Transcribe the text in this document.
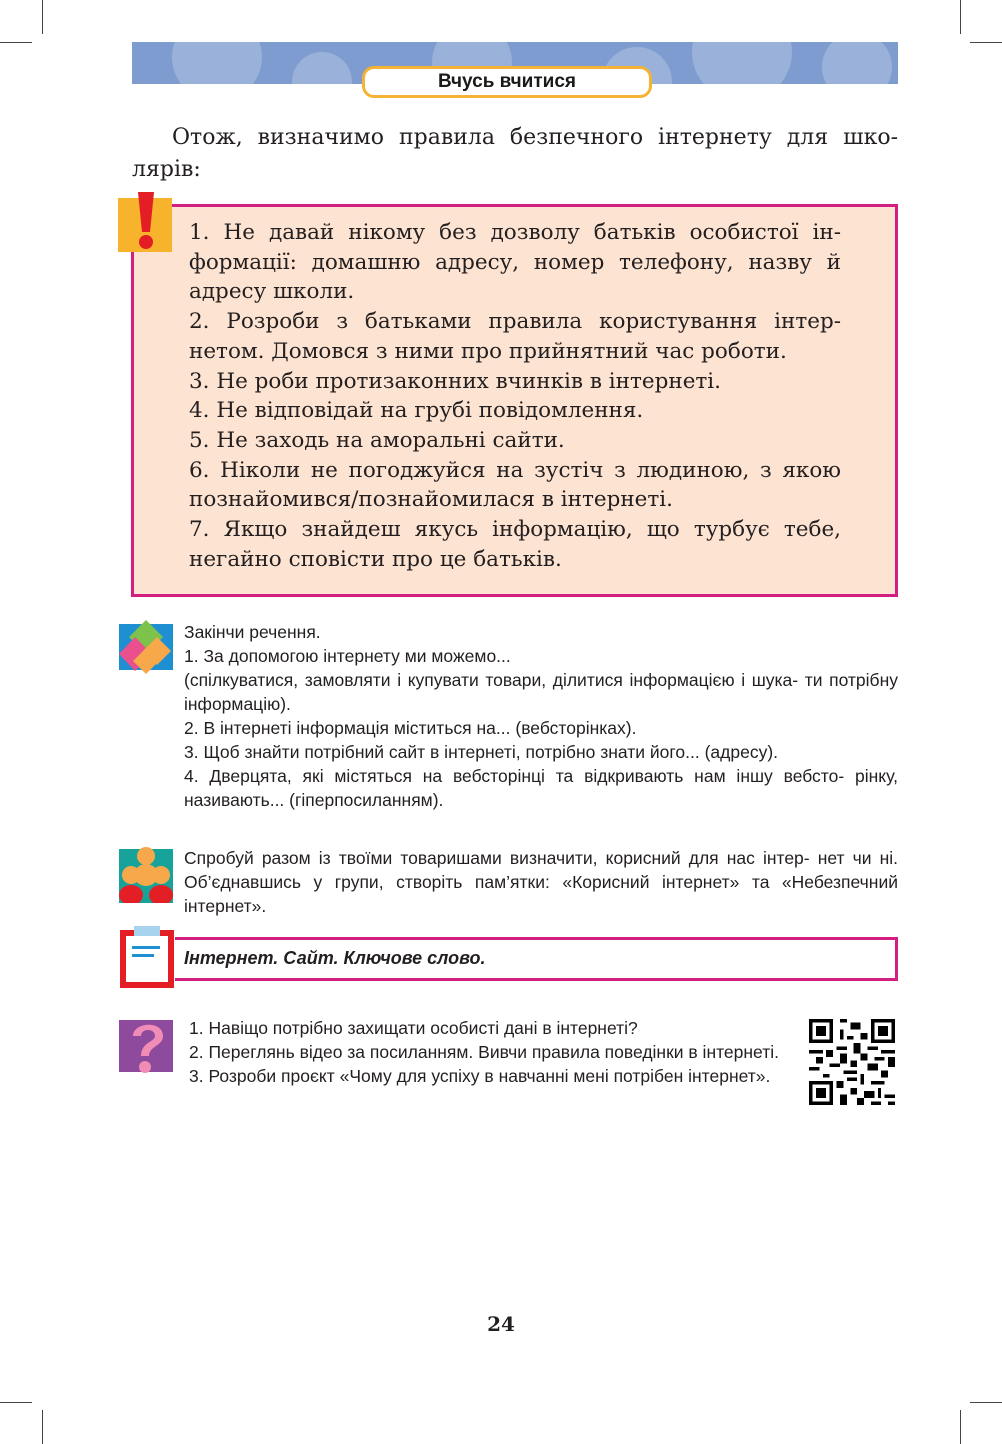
Вчусь вчитися
Отож, визначимо правила безпечного інтернету для шко-
лярів:

1. Не давай нікому без дозволу батьків особистої ін- формації: домашню адресу, номер телефону, назву й адресу школи.

2. Розроби з батьками правила користування інтер- нетом. Домовся з ними про прийнятний час роботи.

3. Не роби протизаконних вчинків в інтернеті.

4. Не відповідай на грубі повідомлення.

5. Не заходь на аморальні сайти.

6. Ніколи не погоджуйся на зустіч з людиною, з якою познайомився/познайомилася в інтернеті.

7. Якщо знайдеш якусь інформацію, що турбує тебе, негайно сповісти про це батьків.

Закінчи речення.

1. За допомогою інтернету ми можемо...

(спілкуватися, замовляти і купувати товари, ділитися інформацією і шука- ти потрібну інформацію).

2. В інтернеті інформація міститься на... (вебсторінках).

3. Щоб знайти потрібний сайт в інтернеті, потрібно знати його... (адресу).

4. Дверцята, які містяться на вебсторінці та відкривають нам іншу вебсто- рінку, називають... (гіперпосиланням).

Спробуй разом із твоїми товаришами визначити, корисний для нас інтер- нет чи ні. Об’єднавшись у групи, створіть пам’ятки: «Корисний інтернет» та «Небезпечний інтернет».
Інтернет. Сайт. Ключове слово.

1. Навіщо потрібно захищати особисті дані в інтернеті?

2. Переглянь відео за посиланням. Вивчи правила поведінки в інтернеті.

3. Розроби проєкт «Чому для успіху в навчанні мені потрібен інтернет».

24
